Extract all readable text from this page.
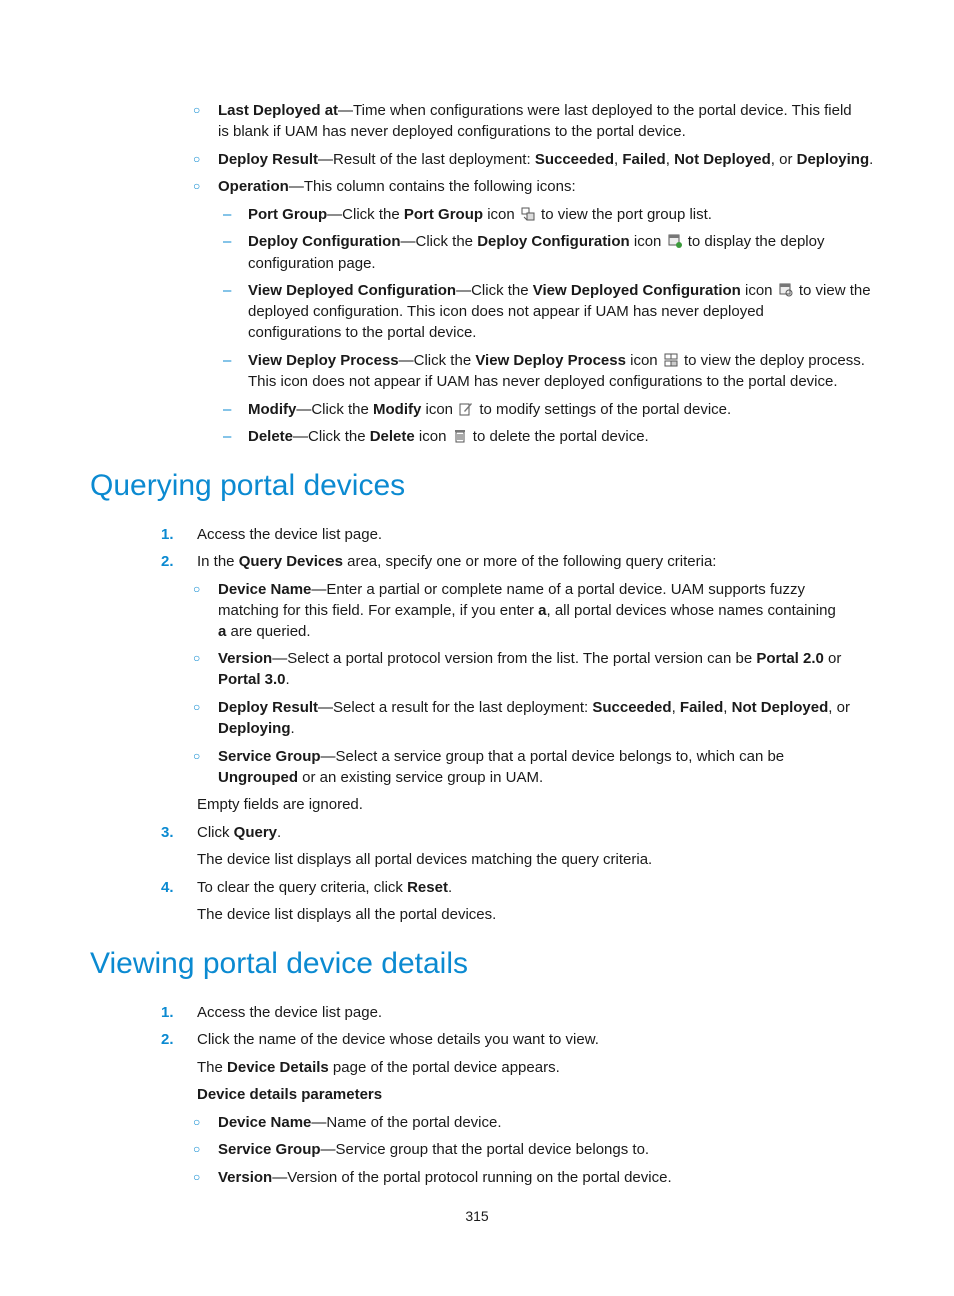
○ Last Deployed at—Time when configurations were last deployed to the portal device. This field
is blank if UAM has never deployed configurations to the portal device.
○ Deploy Result—Result of the last deployment: Succeeded, Failed, Not Deployed, or Deploying.
○ Operation—This column contains the following icons:
– Port Group—Click the Port Group icon  to view the port group list.
– Deploy Configuration—Click the Deploy Configuration icon  to display the deploy
configuration page.
– View Deployed Configuration—Click the View Deployed Configuration icon  to view the
deployed configuration. This icon does not appear if UAM has never deployed
configurations to the portal device.
– View Deploy Process—Click the View Deploy Process icon  to view the deploy process.
This icon does not appear if UAM has never deployed configurations to the portal device.
– Modify—Click the Modify icon  to modify settings of the portal device.
– Delete—Click the Delete icon  to delete the portal device.
Querying portal devices
1. Access the device list page.
2. In the Query Devices area, specify one or more of the following query criteria:
○ Device Name—Enter a partial or complete name of a portal device. UAM supports fuzzy
matching for this field. For example, if you enter a, all portal devices whose names containing
a are queried.
○ Version—Select a portal protocol version from the list. The portal version can be Portal 2.0 or
Portal 3.0.
○ Deploy Result—Select a result for the last deployment: Succeeded, Failed, Not Deployed, or
Deploying.
○ Service Group—Select a service group that a portal device belongs to, which can be
Ungrouped or an existing service group in UAM.
Empty fields are ignored.
3. Click Query.
The device list displays all portal devices matching the query criteria.
4. To clear the query criteria, click Reset.
The device list displays all the portal devices.
Viewing portal device details
1. Access the device list page.
2. Click the name of the device whose details you want to view.
The Device Details page of the portal device appears.
Device details parameters
○ Device Name—Name of the portal device.
○ Service Group—Service group that the portal device belongs to.
○ Version—Version of the portal protocol running on the portal device.
315
